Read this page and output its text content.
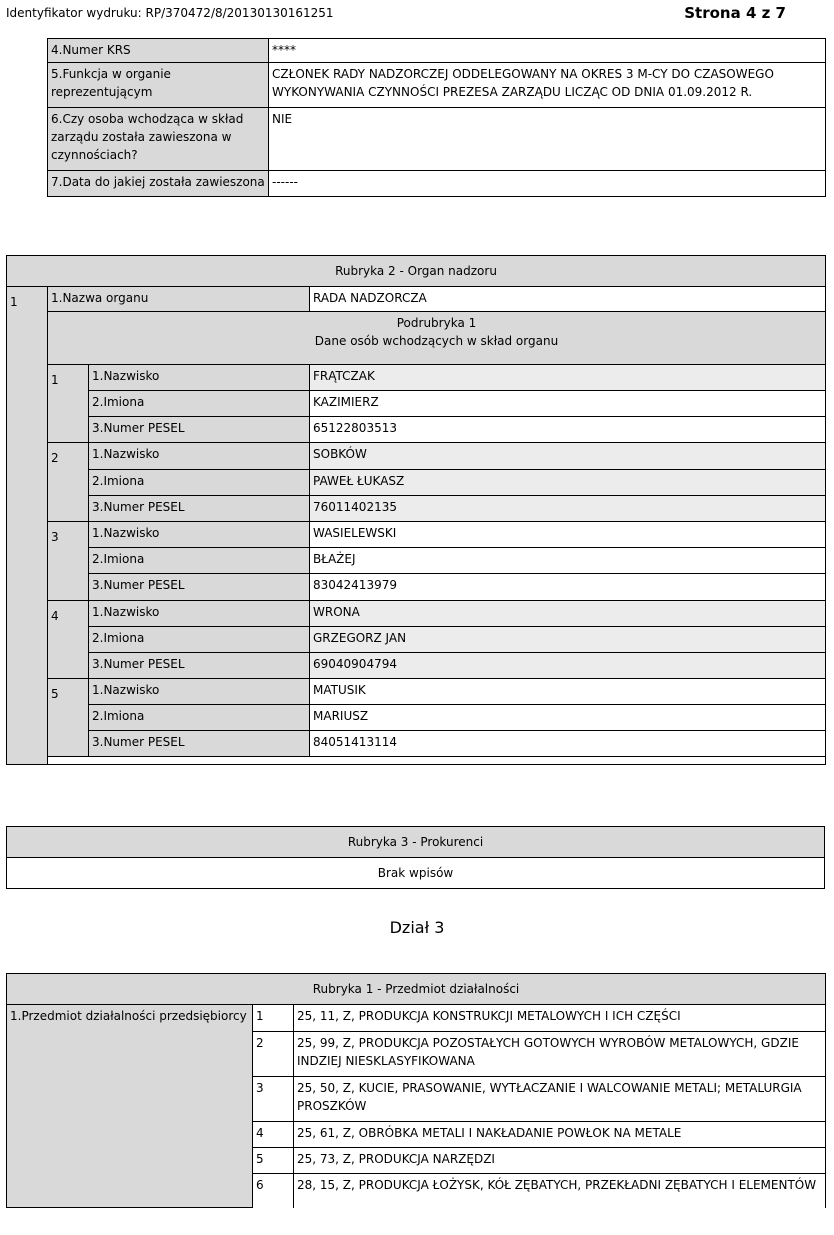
Identyfikator wydruku: RP/370472/8/20130130161251	Strona 4 z 7
4.Numer KRS	****
5.Funkcja w organie reprezentującym	CZŁONEK RADY NADZORCZEJ ODDELEGOWANY NA OKRES 3 M-CY DO CZASOWEGO WYKONYWANIA CZYNNOŚCI PREZESA ZARZĄDU LICZĄC OD DNIA 01.09.2012 R.
6.Czy osoba wchodząca w skład zarządu została zawieszona w czynnościach?	NIE
7.Data do jakiej została zawieszona	------
Rubryka 2 - Organ nadzoru			
1	1.Nazwa organu		RADA NADZORCZA

	Podrubryka 1
Dane osób wchodzących w skład organu		

	1	1.Nazwisko	FRĄTCZAK
		2.Imiona	KAZIMIERZ
		3.Numer PESEL	65122803513
	2	1.Nazwisko	SOBKÓW
		2.Imiona	PAWEŁ ŁUKASZ
		3.Numer PESEL	76011402135
	3	1.Nazwisko	WASIELEWSKI
		2.Imiona	BŁAŻEJ
		3.Numer PESEL	83042413979
	4	1.Nazwisko	WRONA
		2.Imiona	GRZEGORZ JAN
		3.Numer PESEL	69040904794
	5	1.Nazwisko	MATUSIK
		2.Imiona	MARIUSZ
		3.Numer PESEL	84051413114

Rubryka 3 - Prokurenci
Brak wpisów
Dział 3
Rubryka 1 - Przedmiot działalności		
1.Przedmiot działalności przedsiębiorcy	1	25, 11, Z, PRODUKCJA KONSTRUKCJI METALOWYCH I ICH CZĘŚCI
	2	25, 99, Z, PRODUKCJA POZOSTAŁYCH GOTOWYCH WYROBÓW METALOWYCH, GDZIE INDZIEJ NIESKLASYFIKOWANA
	3	25, 50, Z, KUCIE, PRASOWANIE, WYTŁACZANIE I WALCOWANIE METALI; METALURGIA PROSZKÓW
	4	25, 61, Z, OBRÓBKA METALI I NAKŁADANIE POWŁOK NA METALE
	5	25, 73, Z, PRODUKCJA NARZĘDZI
	6	28, 15, Z, PRODUKCJA ŁOŻYSK, KÓŁ ZĘBATYCH, PRZEKŁADNI ZĘBATYCH I ELEMENTÓW
